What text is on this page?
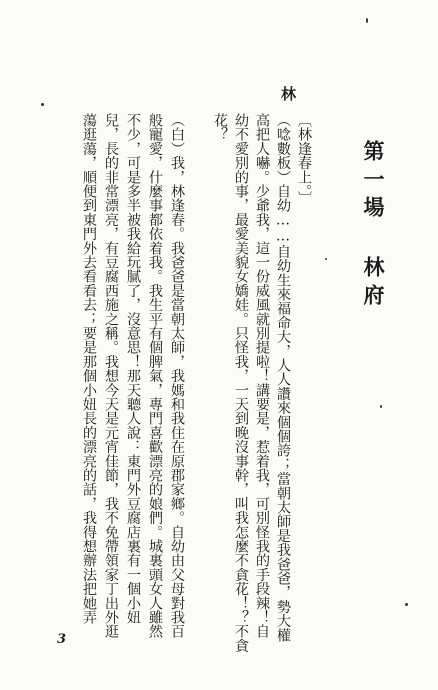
第一場 林府
林
〔林逢春上。〕
（唸數板）自幼……自幼生來福命大，人人讚來個個誇；當朝太師是我爸爸，勢大權
高把人嚇。少爺我，這一份威風就別提啦！講要是，惹着我，可別怪我的手段辣！自
幼不愛別的事，最愛美貌女嬌娃。只怪我，一天到晚沒事幹，叫我怎麼不貪花！？不貪
花？
（白）我，林逢春。我爸爸是當朝太師，我媽和我住在原郡家鄉。自幼由父母對我百
般寵愛，什麼事都依着我。我生平有個脾氣，專門喜歡漂亮的娘們。城裏頭女人雖然
不少，可是多半被我給玩膩了，沒意思！那天聽人說：東門外豆腐店裏有一個小妞
兒，長的非常漂亮，有豆腐西施之稱。我想今天是元宵佳節，我不免帶領家丁出外逛
蕩逛蕩，順便到東門外去看看去；要是那個小妞長的漂亮的話，我得想辦法把她弄
3
